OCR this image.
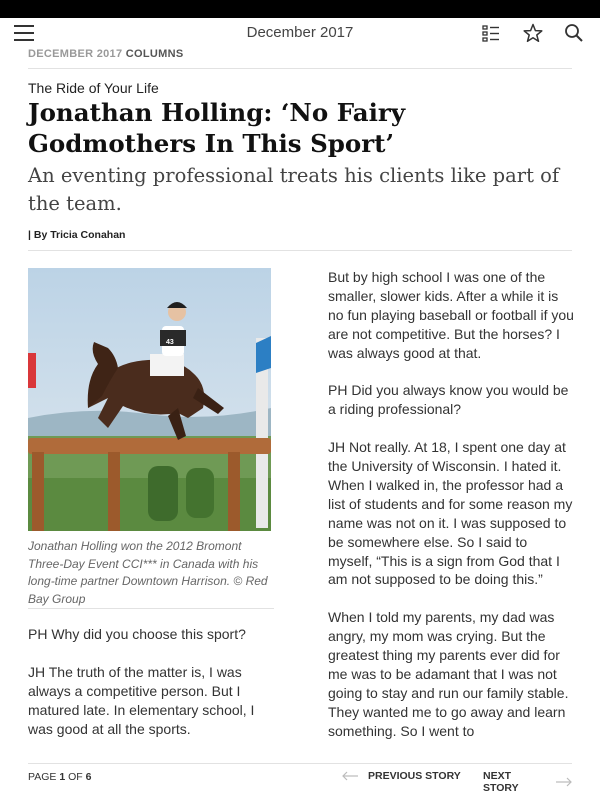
December 2017
DECEMBER 2017 COLUMNS
The Ride of Your Life
Jonathan Holling: ‘No Fairy Godmothers In This Sport’
An eventing professional treats his clients like part of the team.
| By Tricia Conahan
43
Jonathan Holling won the 2012 Bromont Three-Day Event CCI*** in Canada with his long-time partner Downtown Harrison. © Red Bay Group

PH Why did you choose this sport?

JH The truth of the matter is, I was always a competitive person. But I matured late. In elementary school, I was good at all the sports.

But by high school I was one of the smaller, slower kids. After a while it is no fun playing baseball or football if you are not competitive. But the horses? I was always good at that.

PH Did you always know you would be a riding professional?

JH Not really. At 18, I spent one day at the University of Wisconsin. I hated it. When I walked in, the professor had a list of students and for some reason my name was not on it. I was supposed to be somewhere else. So I said to myself, “This is a sign from God that I am not supposed to be doing this.”

When I told my parents, my dad was angry, my mom was crying. But the greatest thing my parents ever did for me was to be adamant that I was not going to stay and run our family stable. They wanted me to go away and learn something. So I went to

PAGE 1 OF 6	PREVIOUS STORY NEXT STORY
